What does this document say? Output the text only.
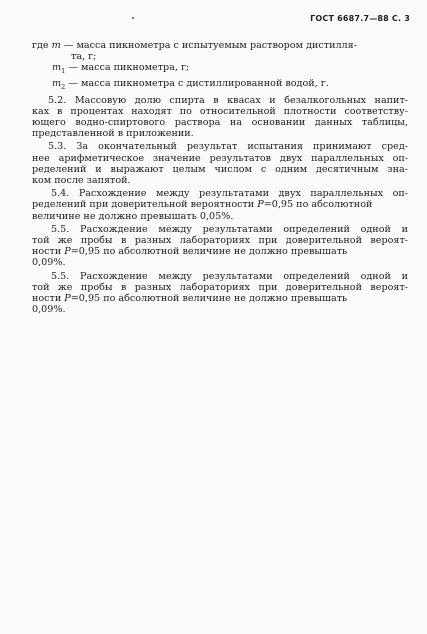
ГОСТ 6687.7—88 С. 3
где m — масса пикнометра с испытуемым раствором дистилля-
та, г;
$m_1$ — масса пикнометра, г;
$m_2$ — масса пикнометра с дистиллированной водой, г.
5.2. Массовую долю спирта в квасах и безалкогольных напит-
ках в процентах находят по относительной плотности соответству-
ющего водно-спиртового раствора на основании данных таблицы,
представленной в приложении.
5.3. За окончательный результат испытания принимают сред-
нее арифметическое значение результатов двух параллельных оп-
ределений и выражают целым числом с одним десятичным зна-
ком после запятой.
5.4. Расхождение между результатами двух параллельных оп-
ределений при доверительной вероятности P=0,95 по абсолютной
величине не должно превышать 0,05%.
5.5. Расхождение между результатами определений одной и
той же пробы в разных лабораториях при доверительной вероят-
ности P=0,95 по абсолютной величине не должно превышать
0,09%.
5.5. Расхождение между результатами определений одной и
той же пробы в разных лабораториях при доверительной вероят-
ности P=0,95 по абсолютной величине не должно превышать
0,09%.
